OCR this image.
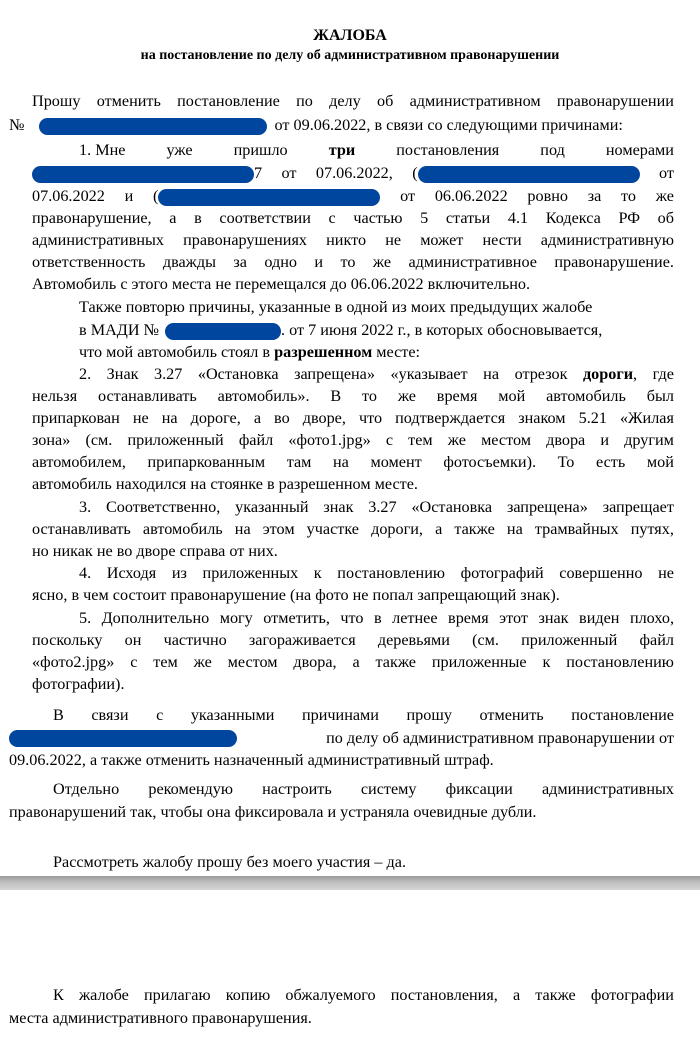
ЖАЛОБА
на постановление по делу об административном правонарушении
Прошу отменить постановление по делу об административном правонарушении
№	от 09.06.2022, в связи со следующими причинами:
1. Мне	уже	пришло	три	постановления	под	номерами
7 от 07.06.2022, (	от
07.06.2022 и (	от 06.06.2022 ровно за то же
правонарушение, а в соответствии с частью 5 статьи 4.1 Кодекса РФ об
административных правонарушениях никто не может нести административную
ответственность дважды за одно и то же административное правонарушение.
Автомобиль с этого места не перемещался до 06.06.2022 включительно.
Также повторю причины, указанные в одной из моих предыдущих жалобе
в МАДИ №	. от 7 июня 2022 г., в которых обосновывается,
что мой автомобиль стоял в разрешенном месте:
2. Знак 3.27 «Остановка запрещена» «указывает на отрезок дороги, где
нельзя останавливать автомобиль». В то же время мой автомобиль был
припаркован не на дороге, а во дворе, что подтверждается знаком 5.21 «Жилая
зона» (см. приложенный файл «фото1.jpg» с тем же местом двора и другим
автомобилем, припаркованным там на момент фотосъемки). То есть мой
автомобиль находился на стоянке в разрешенном месте.
3. Соответственно, указанный знак 3.27 «Остановка запрещена» запрещает
останавливать автомобиль на этом участке дороги, а также на трамвайных путях,
но никак не во дворе справа от них.
4. Исходя из приложенных к постановлению фотографий совершенно не
ясно, в чем состоит правонарушение (на фото не попал запрещающий знак).
5. Дополнительно могу отметить, что в летнее время этот знак виден плохо,
поскольку он частично загораживается деревьями (см. приложенный файл
«фото2.jpg» с тем же местом двора, а также приложенные к постановлению
фотографии).
В связи с указанными причинами прошу отменить постановление
по делу об административном правонарушении от
09.06.2022, а также отменить назначенный административный штраф.
Отдельно рекомендую настроить систему фиксации административных
правонарушений так, чтобы она фиксировала и устраняла очевидные дубли.
Рассмотреть жалобу прошу без моего участия – да.
К жалобе прилагаю копию обжалуемого постановления, а также фотографии
места административного правонарушения.
